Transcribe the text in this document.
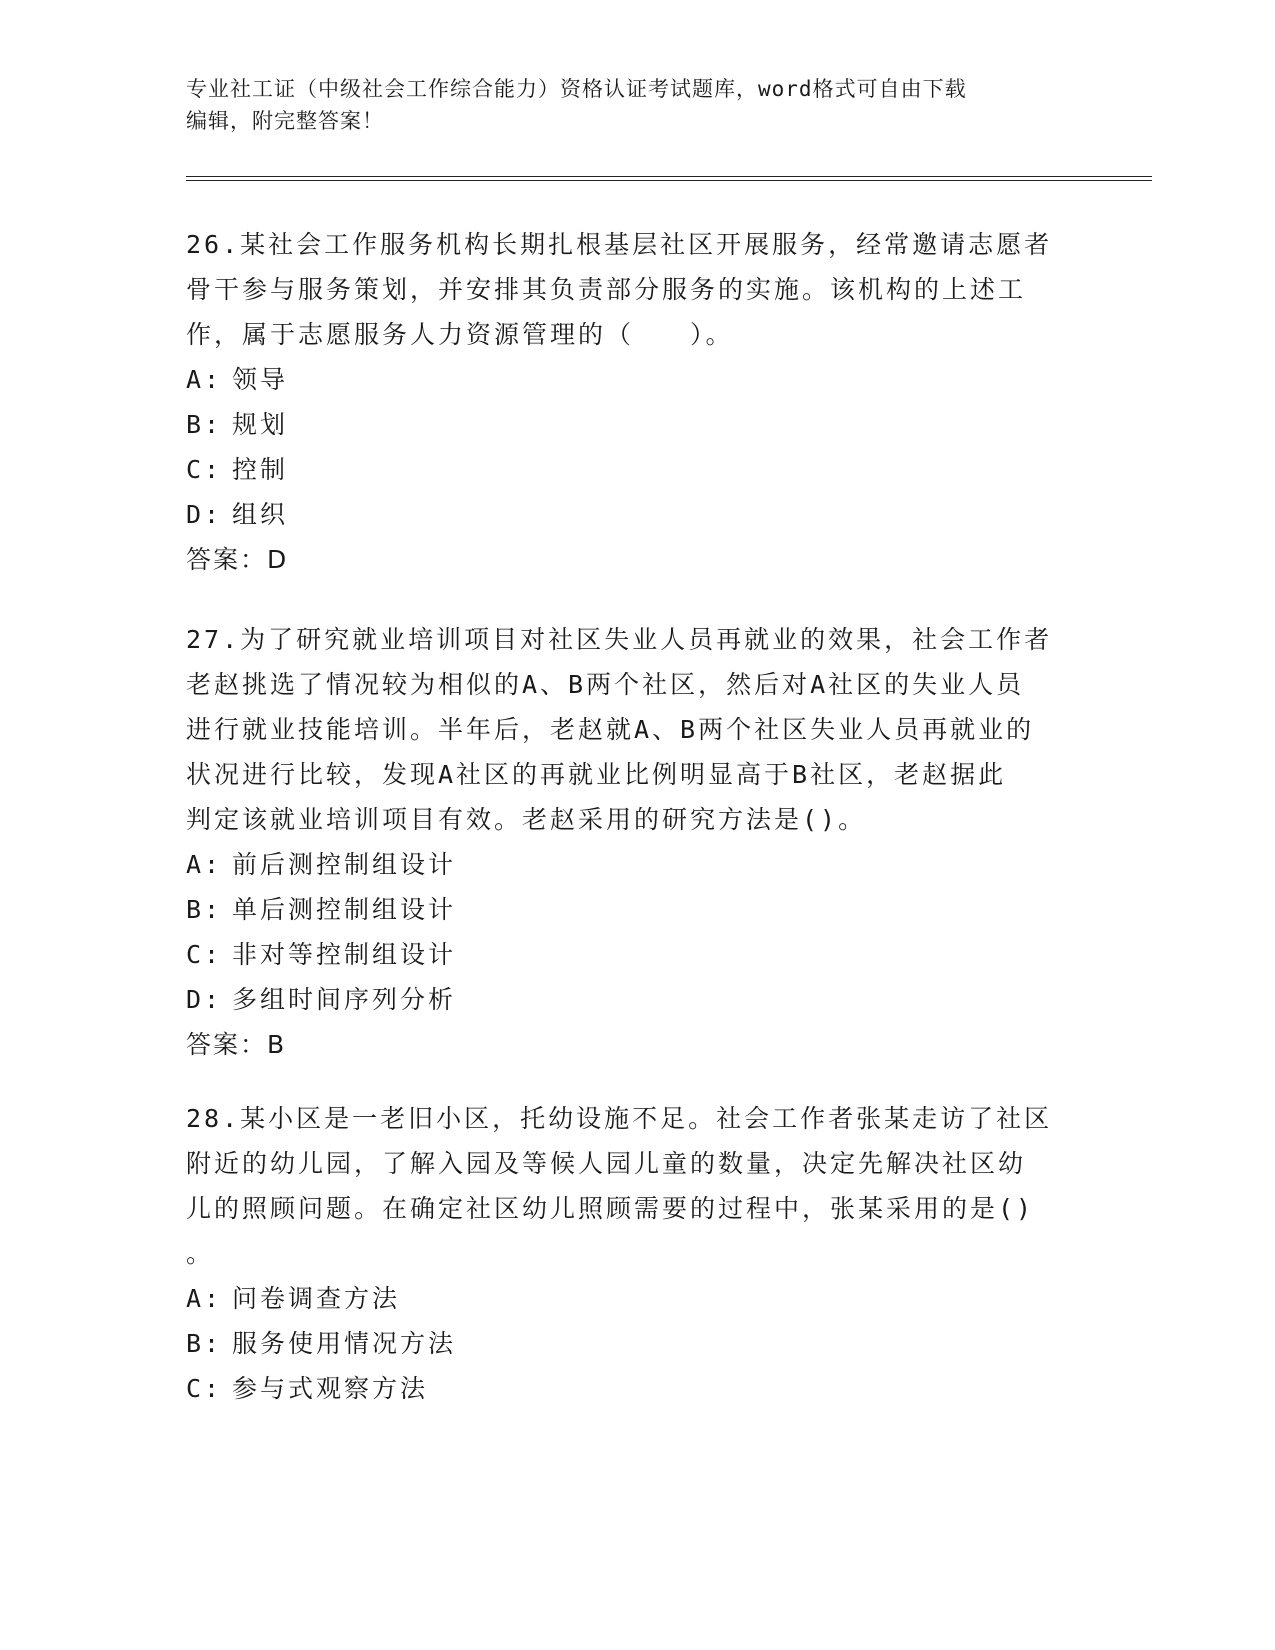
专业社工证（中级社会工作综合能力）资格认证考试题库，word格式可自由下载
编辑，附完整答案！

26.某社会工作服务机构长期扎根基层社区开展服务，经常邀请志愿者

骨干参与服务策划，并安排其负责部分服务的实施。该机构的上述工

作，属于志愿服务人力资源管理的（　　）。

A: 领导
B: 规划
C: 控制
D: 组织

答案：D

27.为了研究就业培训项目对社区失业人员再就业的效果，社会工作者

老赵挑选了情况较为相似的A、B两个社区，然后对A社区的失业人员

进行就业技能培训。半年后，老赵就A、B两个社区失业人员再就业的

状况进行比较，发现A社区的再就业比例明显高于B社区，老赵据此

判定该就业培训项目有效。老赵采用的研究方法是()。

A: 前后测控制组设计
B: 单后测控制组设计
C: 非对等控制组设计
D: 多组时间序列分析

答案：B

28.某小区是一老旧小区，托幼设施不足。社会工作者张某走访了社区

附近的幼儿园，了解入园及等候人园儿童的数量，决定先解决社区幼

儿的照顾问题。在确定社区幼儿照顾需要的过程中，张某采用的是()

。

A: 问卷调查方法
B: 服务使用情况方法
C: 参与式观察方法
